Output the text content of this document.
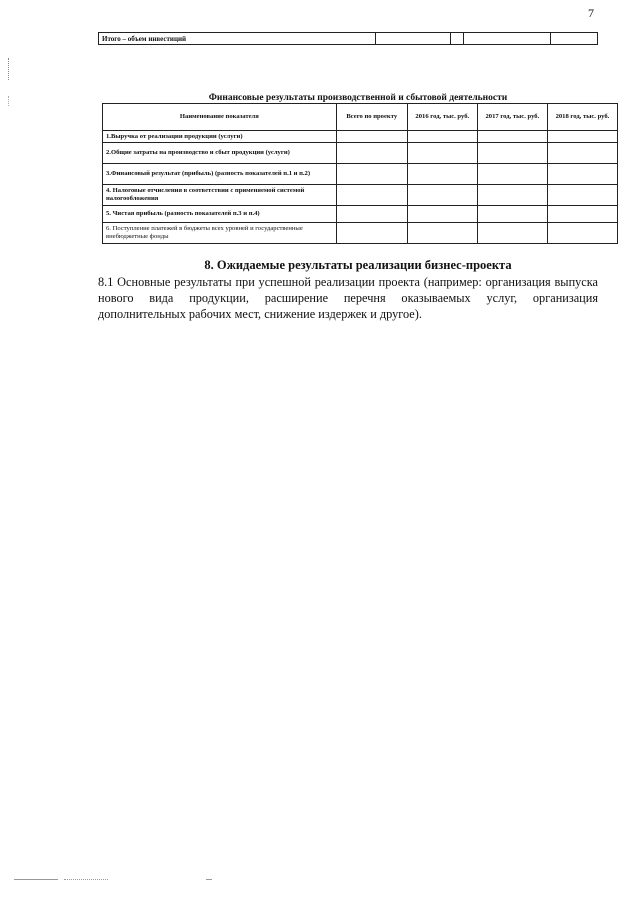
7
Итого – объем инвестиций				
Финансовые результаты производственной и сбытовой деятельности
Наименование показателя	Всего по проекту	2016 год, тыс. руб.	2017 год, тыс. руб.	2018 год, тыс. руб.
1.Выручка от реализации продукции (услуги)				
2.Общие затраты на производство и сбыт продукции (услуги)				
3.Финансовый результат (прибыль) (разность показателей п.1 и п.2)				
4. Налоговые отчисления в соответствии с применяемой системой налогообложения				
5. Чистая прибыль (разность показателей п.3 и п.4)				
6. Поступление платежей в бюджеты всех уровней и государственные внебюджетные фонды				
8. Ожидаемые результаты реализации бизнес-проекта
8.1 Основные результаты при успешной реализации проекта (например: организация выпуска нового вида продукции, расширение перечня оказываемых услуг, организация дополнительных рабочих мест, снижение издержек и другое).
